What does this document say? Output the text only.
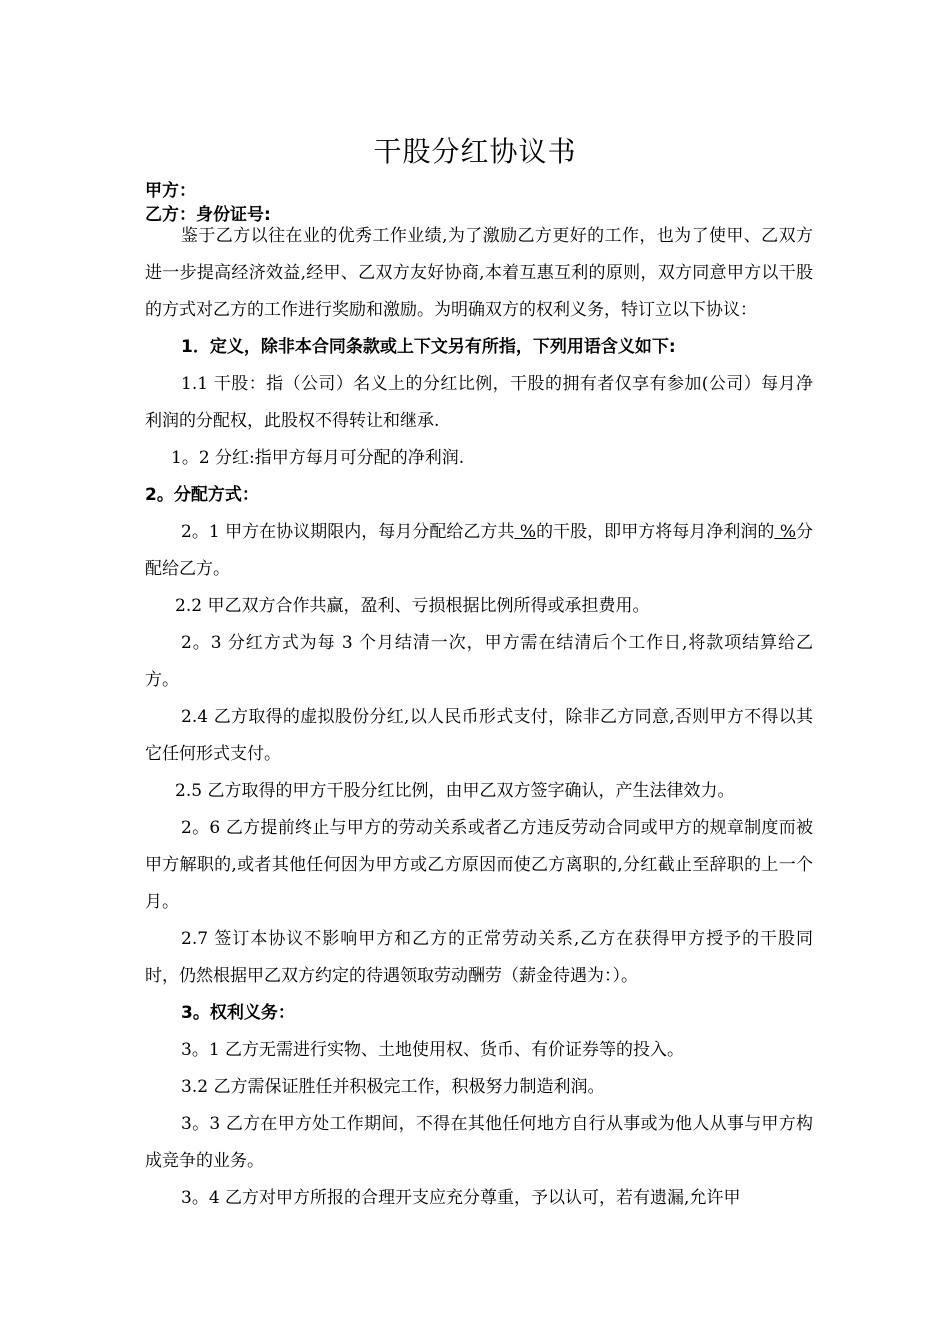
干股分红协议书
甲方：
乙方：身份证号:

鉴于乙方以往在业的优秀工作业绩,为了激励乙方更好的工作，也为了使甲、乙双方进一步提高经济效益,经甲、乙双方友好协商,本着互惠互利的原则，双方同意甲方以干股的方式对乙方的工作进行奖励和激励。为明确双方的权利义务，特订立以下协议：

1．定义，除非本合同条款或上下文另有所指，下列用语含义如下:

1.1 干股：指（公司）名义上的分红比例，干股的拥有者仅享有参加(公司）每月净利润的分配权，此股权不得转让和继承.

1。2 分红:指甲方每月可分配的净利润.

2。分配方式：

2。1 甲方在协议期限内，每月分配给乙方共 %的干股，即甲方将每月净利润的 %分配给乙方。

2.2 甲乙双方合作共赢，盈利、亏损根据比例所得或承担费用。

2。3 分红方式为每 3 个月结清一次，甲方需在结清后个工作日,将款项结算给乙方。

2.4 乙方取得的虚拟股份分红,以人民币形式支付，除非乙方同意,否则甲方不得以其它任何形式支付。

2.5 乙方取得的甲方干股分红比例，由甲乙双方签字确认，产生法律效力。

2。6 乙方提前终止与甲方的劳动关系或者乙方违反劳动合同或甲方的规章制度而被甲方解职的,或者其他任何因为甲方或乙方原因而使乙方离职的,分红截止至辞职的上一个月。

2.7 签订本协议不影响甲方和乙方的正常劳动关系,乙方在获得甲方授予的干股同时，仍然根据甲乙双方约定的待遇领取劳动酬劳（薪金待遇为：）。

3。权利义务：

3。1 乙方无需进行实物、土地使用权、货币、有价证券等的投入。

3.2 乙方需保证胜任并积极完工作，积极努力制造利润。

3。3 乙方在甲方处工作期间，不得在其他任何地方自行从事或为他人从事与甲方构成竞争的业务。

3。4 乙方对甲方所报的合理开支应充分尊重，予以认可，若有遗漏,允许甲
